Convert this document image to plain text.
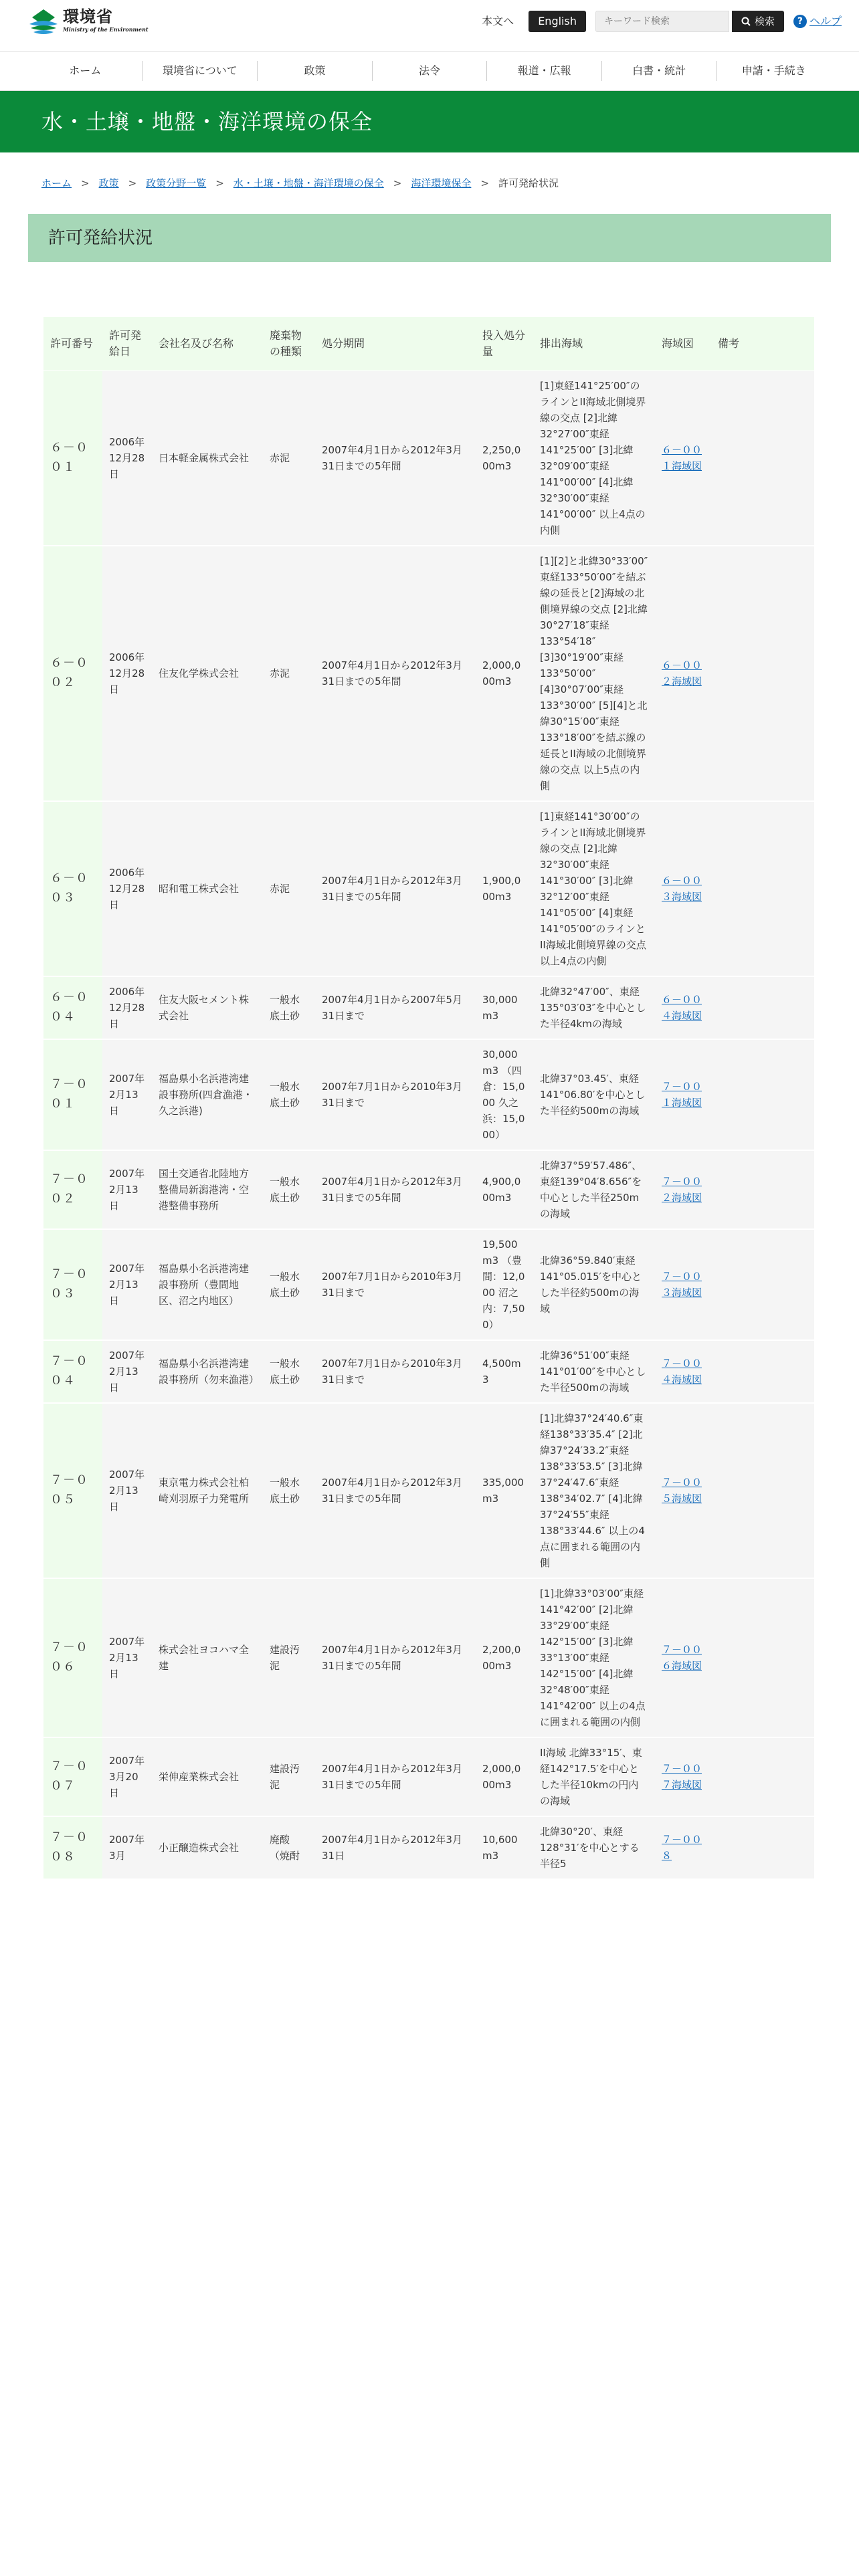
環境省
Ministry of the Environment
本文へ	English
キーワード検索	検索	? ヘルプ
ホーム	環境省について	政策	法令	報道・広報	白書・統計	申請・手続き
水・土壌・地盤・海洋環境の保全
ホーム > 政策 > 政策分野一覧 > 水・土壌・地盤・海洋環境の保全 > 海洋環境保全 > 許可発給状況
許可発給状況
許可番号	許可発給日	会社名及び名称	廃棄物の種類	処分期間	投入処分量	排出海域	海域図	備考
６－００１	2006年12月28日	日本軽金属株式会社	赤泥	2007年4月1日から2012年3月31日までの5年間	2,250,000m3	[1]東経141°25′00″のラインとII海域北側境界線の交点 [2]北緯32°27′00″東経141°25′00″ [3]北緯32°09′00″東経141°00′00″ [4]北緯32°30′00″東経141°00′00″ 以上4点の内側	６－００１海域図	
６－００２	2006年12月28日	住友化学株式会社	赤泥	2007年4月1日から2012年3月31日までの5年間	2,000,000m3	[1][2]と北緯30°33′00″東経133°50′00″を結ぶ線の延長と[2]海域の北側境界線の交点 [2]北緯30°27′18″東経133°54′18″ [3]30°19′00″東経133°50′00″ [4]30°07′00″東経133°30′00″ [5][4]と北緯30°15′00″東経133°18′00″を結ぶ線の延長とII海域の北側境界線の交点 以上5点の内側	６－００２海域図	
６－００３	2006年12月28日	昭和電工株式会社	赤泥	2007年4月1日から2012年3月31日までの5年間	1,900,000m3	[1]東経141°30′00″のラインとII海域北側境界線の交点 [2]北緯32°30′00″東経141°30′00″ [3]北緯32°12′00″東経141°05′00″ [4]東経141°05′00″のラインとII海域北側境界線の交点 以上4点の内側	６－００３海域図	
６－００４	2006年12月28日	住友大阪セメント株式会社	一般水底土砂	2007年4月1日から2007年5月31日まで	30,000m3	北緯32°47′00″、東経135°03′03″を中心とした半径4kmの海域	６－００４海域図	
７－００１	2007年2月13日	福島県小名浜港湾建設事務所(四倉漁港・久之浜港)	一般水底土砂	2007年7月1日から2010年3月31日まで	30,000m3 （四倉：15,000 久之浜：15,000）	北緯37°03.45′、東経141°06.80′を中心とした半径約500mの海域	７－００１海域図	
７－００２	2007年2月13日	国土交通省北陸地方整備局新潟港湾・空港整備事務所	一般水底土砂	2007年4月1日から2012年3月31日までの5年間	4,900,000m3	北緯37°59′57.486″、東経139°04′8.656″を中心とした半径250mの海域	７－００２海域図	
７－００３	2007年2月13日	福島県小名浜港湾建設事務所（豊間地区、沼之内地区）	一般水底土砂	2007年7月1日から2010年3月31日まで	19,500m3 （豊間：12,000 沼之内：7,500）	北緯36°59.840′東経141°05.015′を中心とした半径約500mの海域	７－００３海域図	
７－００４	2007年2月13日	福島県小名浜港湾建設事務所（勿来漁港）	一般水底土砂	2007年7月1日から2010年3月31日まで	4,500m3	北緯36°51′00″東経141°01′00″を中心とした半径500mの海域	７－００４海域図	
７－００５	2007年2月13日	東京電力株式会社柏崎刈羽原子力発電所	一般水底土砂	2007年4月1日から2012年3月31日までの5年間	335,000m3	[1]北緯37°24′40.6″東経138°33′35.4″ [2]北緯37°24′33.2″東経138°33′53.5″ [3]北緯37°24′47.6″東経138°34′02.7″ [4]北緯37°24′55″東経138°33′44.6″ 以上の4点に囲まれる範囲の内側	７－００５海域図	
７－００６	2007年2月13日	株式会社ヨコハマ全建	建設汚泥	2007年4月1日から2012年3月31日までの5年間	2,200,000m3	[1]北緯33°03′00″東経141°42′00″ [2]北緯33°29′00″東経142°15′00″ [3]北緯33°13′00″東経142°15′00″ [4]北緯32°48′00″東経141°42′00″ 以上の4点に囲まれる範囲の内側	７－００６海域図	
７－００７	2007年3月20日	栄伸産業株式会社	建設汚泥	2007年4月1日から2012年3月31日までの5年間	2,000,000m3	II海域 北緯33°15′、東経142°17.5′を中心とした半径10kmの円内の海域	７－００７海域図	
７－００８	2007年3月	小正醸造株式会社	廃酸（焼酎	2007年4月1日から2012年3月31日	10,600m3	北緯30°20′、東経128°31′を中心とする半径5	７－００８	
